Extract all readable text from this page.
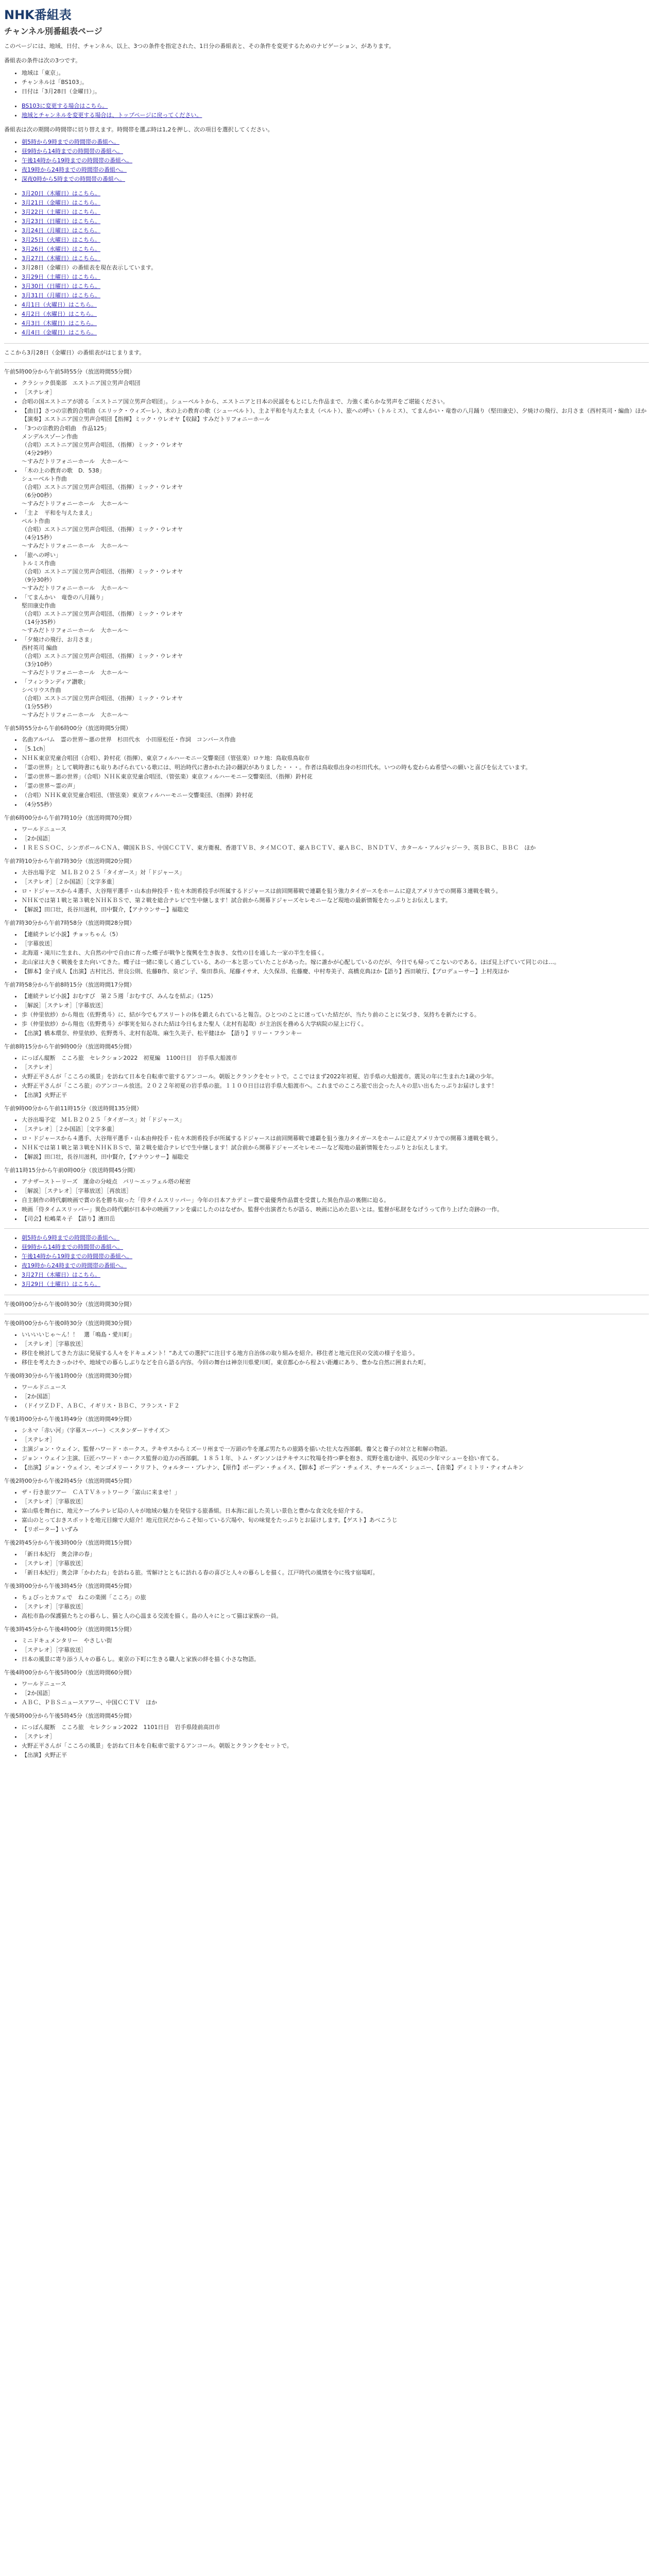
NHK番組表
チャンネル別番組表ページ
このページには、地域、日付、チャンネル、以上、3つの条件を指定された、1日分の番組表と、その条件を変更するためのナビゲーション、があります。
番組表の条件は次の3つです。
• 地域は「東京」。
• チャンネルは「BS103」。
• 日付は「3月28日（金曜日）」。
• BS103に変更する場合はこちら。
• 地域とチャンネルを変更する場合は、トップページに戻ってください。
番組表は次の期間の時間帯に切り替えます。時間帯を選ぶ時は1,2を押し、次の項目を選択してください。
• 朝5時から9時までの時間帯の番組へ。
• 昼9時から14時までの時間帯の番組へ。
• 午後14時から19時までの時間帯の番組へ。
• 夜19時から24時までの時間帯の番組へ。
• 深夜0時から5時までの時間帯の番組へ。
• 3月20日（木曜日）はこちら。
• 3月21日（金曜日）はこちら。
• 3月22日（土曜日）はこちら。
• 3月23日（日曜日）はこちら。
• 3月24日（月曜日）はこちら。
• 3月25日（火曜日）はこちら。
• 3月26日（水曜日）はこちら。
• 3月27日（木曜日）はこちら。
• 3月28日（金曜日）の番組表を現在表示しています。
• 3月29日（土曜日）はこちら。
• 3月30日（日曜日）はこちら。
• 3月31日（月曜日）はこちら。
• 4月1日（火曜日）はこちら。
• 4月2日（水曜日）はこちら。
• 4月3日（木曜日）はこちら。
• 4月4日（金曜日）はこちら。
ここから3月28日（金曜日）の番組表がはじまります。
午前5時00分から午前5時55分（放送時間55分間）
• クラシック倶楽部　エストニア国立男声合唱団
• ［ステレオ］
• 合唱の国エストニアが誇る「エストニア国立男声合唱団」。シューベルトから、エストニアと日本の民謡をもとにした作品まで、力強く柔らかな男声をご堪能ください。
• 【曲目】さつの宗教的合唱曲（エリック・ウィズーレ）、木の上の教育の歌（シューベルト）、主よ平和を与えたまえ（ペルト）、旅への呼い（トルミス）、てまんかい・竜巻の八月踊り（堅田康史）、夕焼けの飛行、お月さま（西村英司・編曲）ほか【演奏】エストニア国立男声合唱団【指揮】ミック・ウレオヤ【収録】すみだトリフォニーホール
• 「3つの宗教的合唱曲　作品125」
メンデルスゾーン作曲
（合唱）エストニア国立男声合唱団、（指揮）ミック・ウレオヤ
（4分29秒）
～すみだトリフォニーホール　大ホール～
• 「木の上の教育の歌　D．538」
シューベルト作曲
（合唱）エストニア国立男声合唱団、（指揮）ミック・ウレオヤ
（6分00秒）
～すみだトリフォニーホール　大ホール～
• 「主よ　平和を与えたまえ」
ペルト作曲
（合唱）エストニア国立男声合唱団、（指揮）ミック・ウレオヤ
（4分15秒）
～すみだトリフォニーホール　大ホール～
• 「旅への呼い」
トルミス作曲
（合唱）エストニア国立男声合唱団、（指揮）ミック・ウレオヤ
（9分30秒）
～すみだトリフォニーホール　大ホール～
• 「てまんかい　竜巻の八月踊り」
堅田康史作曲
（合唱）エストニア国立男声合唱団、（指揮）ミック・ウレオヤ
（14分35秒）
～すみだトリフォニーホール　大ホール～
• 「夕焼けの飛行、お月さま」
西村英司 編曲
（合唱）エストニア国立男声合唱団、（指揮）ミック・ウレオヤ
（3分10秒）
～すみだトリフォニーホール　大ホール～
• 「フィンランディア讃歌」
シベリウス作曲
（合唱）エストニア国立男声合唱団、（指揮）ミック・ウレオヤ
（1分55秒）
～すみだトリフォニーホール　大ホール～
午前5時55分から午前6時00分（放送時間5分間）
• 名曲アルバム　霊の世界～悪の世界　杉田代水　小田原松任・作詞　コンバース作曲
• ［5.1ch］
• ＮＨＫ東京児童合唱団（合唱）、鈴村花（指揮）、東京フィルハーモニー交響楽団（管弦楽）ロケ地：鳥取県鳥取市
• 「霊の世界」として戦時書にも取りあげられている歌には、明治時代に書かれた詩の翻訳がありました・・・。作者は鳥取県出身の杉田代水。いつの時も変わらぬ希望への願いと喜びを伝えています。
• 「霊の世界～悪の世界」（合唱）ＮＨＫ東京児童合唱団、（管弦楽）東京フィルハーモニー交響楽団、（指揮）鈴村花
• 「霊の世界～霊の声」
• （合唱）ＮＨＫ東京児童合唱団、（管弦楽）東京フィルハーモニー交響楽団、（指揮）鈴村花
• （4分55秒）
午前6時00分から午前7時10分（放送時間70分間）
• ワールドニュース
• ［2か国語］
• ＩＲＥＳＳＯＣ、シンガポールＣＮＡ、韓国ＫＢＳ、中国ＣＣＴＶ、東方衛視、香港ＴＶＢ、タイＭＣＯＴ、豪ＡＢＣＴＶ、豪ＡＢＣ、ＢＮＤＴＶ、カタール・アルジャジーラ、英ＢＢＣ、ＢＢＣ　ほか
午前7時10分から午前7時30分（放送時間20分間）
• 大谷出場予定　ＭＬＢ２０２５「タイガース」対「ドジャース」
• ［ステレオ］［２か国語］［文字多重］
• ロ・ドジャースから４選手、大谷翔平選手・山本由伸投手・佐々木朗希投手が所属するドジャースは前回開幕戦で連覇を狙う強力タイガースをホームに迎えアメリカでの開幕３連戦を戦う。
• ＮＨＫでは第１戦と第３戦をＮＨＫＢＳで、第２戦を総合テレビで生中継します！試合前から開幕ドジャーズセレモニーなど現地の最新情報をたっぷりとお伝えします。
• 【解説】田口壮，長谷川滋利，田中賢介，【アナウンサー】福聡史
午前7時30分から午前7時58分（放送時間28分間）
• 【連続テレビ小説】チョッちゃん（5）
• ［字幕放送］
• 北海道・滝川に生まれ、大自然の中で自由に育った蝶子が戦争と復興を生き抜き、女性の目を通した一家の半生を描く。
• 北山家は大きく戦後をまた向いてきた。蝶子は一緒に楽しく過ごしている、あの一本と思っていたことがあった。嫁に誰かが心配しているのだが、今日でも帰ってこないのである。ほぼ見上げていて同じのは…。
• 【脚本】金子成人【出演】古村比呂、世良公則、佐藤B作、泉ピン子、柴田恭兵、尾藤イサオ、大久保昂、佐藤慶、中村寿美子、高橋克典ほか【語り】西田敏行、【プロデューサー】上村茂ほか
午前7時58分から午前8時15分（放送時間17分間）
• 【連続テレビ小説】おむすび　第２５週「おむすび、みんなを結ぶ」（125）
• ［解説］［ステレオ］［字幕放送］
• 歩（仲里依紗）から翔也（佐野勇斗）に、結が今でもアスリートの体を鍛えられていると報告。ひとつのことに迷っていた結だが、当たり前のことに気づき、気持ちを新たにする。
• 歩（仲里依紗）から翔也（佐野勇斗）が事実を知らされた結は今日もまた聖人（北村有起哉）が主治医を務める大学病院の屋上に行く。
• 【出演】橋本環奈、仲里依紗、佐野勇斗、北村有起哉、麻生久美子、松平健ほか　【語り】リリー・フランキー
午前8時15分から午前9時00分（放送時間45分間）
• にっぽん縦断　こころ旅　セレクション2022　初夏編　1100日目　岩手県大船渡市
• ［ステレオ］
• 火野正平さんが「こころの風景」を訪ねて日本を自転車で旅するアンコール。朝版とクランクをセットで。ここではまず2022年初夏、岩手県の大船渡市。震災の年に生まれた1歳の少年。
• 火野正平さんが「こころ旅」のアンコール放送。２０２２年初夏の岩手県の旅。１１００日目は岩手県大船渡市へ。これまでのこころ旅で出会った人々の思い出もたっぷりお届けします！
• 【出演】火野正平
午前9時00分から午前11時15分（放送時間135分間）
• 大谷出場予定　ＭＬＢ２０２５「タイガース」対「ドジャース」
• ［ステレオ］［２か国語］［文字多重］
• ロ・ドジャースから４選手、大谷翔平選手・山本由伸投手・佐々木朗希投手が所属するドジャースは前回開幕戦で連覇を狙う強力タイガースをホームに迎えアメリカでの開幕３連戦を戦う。
• ＮＨＫでは第１戦と第３戦をＮＨＫＢＳで、第２戦を総合テレビで生中継します！試合前から開幕ドジャーズセレモニーなど現地の最新情報をたっぷりとお伝えします。
• 【解説】田口壮，長谷川滋利，田中賢介，【アナウンサー】福聡史
午前11時15分から午前0時00分（放送時間45分間）
• アナザーストーリーズ　運命の分岐点　パリ～エッフェル塔の秘密
• ［解説］［ステレオ］［字幕放送］［再放送］
• 自主制作の時代劇映画で賞の名を勝ち取った「侍タイムスリッパー」今年の日本アカデミー賞で最優秀作品賞を受賞した異色作品の裏側に迫る。
• 映画「侍タイムスリッパー」異色の時代劇が日本中の映画ファンを虜にしたのはなぜか。監督や出演者たちが語る、映画に込めた思いとは。監督が私財をなげうって作り上げた奇跡の一作。
• 【司会】松嶋菜々子　【語り】濱田岳
• 朝5時から9時までの時間帯の番組へ。
• 昼9時から14時までの時間帯の番組へ。
• 午後14時から19時までの時間帯の番組へ。
• 夜19時から24時までの時間帯の番組へ。
• 3月27日（木曜日）はこちら。
• 3月29日（土曜日）はこちら。
午後0時00分から午後0時30分（放送時間30分間）
午後0時00分から午後0時30分（放送時間30分間）
• いいいいじゃ〜ん！！　選「鳴島・愛川町」
• ［ステレオ］［字幕放送］
• 移住を検討してきた方法に発展する人々をドキュメント！“あえての選択”に注目する地方自治体の取り組みを紹介。移住者と地元住民の交流の様子を追う。
• 移住を考えたきっかけや、地域での暮らしぶりなどを自ら語る内容。今回の舞台は神奈川県愛川町。東京都心から程よい距離にあり、豊かな自然に囲まれた町。
午後0時30分から午後1時00分（放送時間30分間）
• ワールドニュース
• ［2か国語］
• （ドイツＺＤＦ、ＡＢＣ、イギリス・ＢＢＣ、フランス・Ｆ２
午後1時00分から午後1時49分（放送時間49分間）
• シネマ「赤い河」（字幕スーパー）＜スタンダードサイズ＞
• ［ステレオ］
• 主演ジョン・ウェイン、監督ハワード・ホークス。テキサスからミズーリ州まで一万頭の牛を運ぶ男たちの旅路を描いた壮大な西部劇。養父と養子の対立と和解の物語。
• ジョン・ウェイン主演、巨匠ハワード・ホークス監督の迫力の西部劇。１８５１年、トム・ダンソンはテキサスに牧場を持つ夢を抱き、荒野を進む途中、孤児の少年マシューを拾い育てる。
• 【出演】ジョン・ウェイン、モンゴメリー・クリフト、ウォルター・ブレナン、【原作】ボーデン・チェイス、【脚本】ボーデン・チェイス、チャールズ・シュニー、【音楽】ディミトリ・ティオムキン
午後2時00分から午後2時45分（放送時間45分間）
• ザ・行き旅ツアー　ＣＡＴＶネットワーク「富山に来ませ！」
• ［ステレオ］［字幕放送］
• 富山県を舞台に、地元ケーブルテレビ局の人々が地域の魅力を発信する旅番組。日本海に面した美しい景色と豊かな食文化を紹介する。
• 富山のとっておきスポットを地元目線で大紹介！地元住民だからこそ知っている穴場や、旬の味覚をたっぷりとお届けします。【ゲスト】あべこうじ
• 【リポーター】いずみ
午後2時45分から午後3時00分（放送時間15分間）
• 「新日本紀行　奥会津の春」
• ［ステレオ］［字幕放送］
• 「新日本紀行」奥会津「かわたね」を訪ねる旅。雪解けとともに訪れる春の喜びと人々の暮らしを描く。江戸時代の風情を今に残す宿場町。
午後3時00分から午後3時45分（放送時間45分間）
• ちょびっとカフェで　ねこの楽園「こころ」の旅
• ［ステレオ］［字幕放送］
• 高松市島の保護猫たちとの暮らし、猫と人の心温まる交流を描く。島の人々にとって猫は家族の一員。
午後3時45分から午後4時00分（放送時間15分間）
• ミニドキュメンタリー　やさしい街
• ［ステレオ］［字幕放送］
• 日本の風景に寄り添う人々の暮らし。東京の下町に生きる職人と家族の絆を描く小さな物語。
午後4時00分から午後5時00分（放送時間60分間）
• ワールドニュース
• ［2か国語］
• ＡＢＣ、ＰＢＳニュースアワー、中国ＣＣＴＶ　ほか
午後5時00分から午後5時45分（放送時間45分間）
• にっぽん縦断　こころ旅　セレクション2022　1101日目　岩手県陸前高田市
• ［ステレオ］
• 火野正平さんが「こころの風景」を訪ねて日本を自転車で旅するアンコール。朝版とクランクをセットで。
• 【出演】火野正平
